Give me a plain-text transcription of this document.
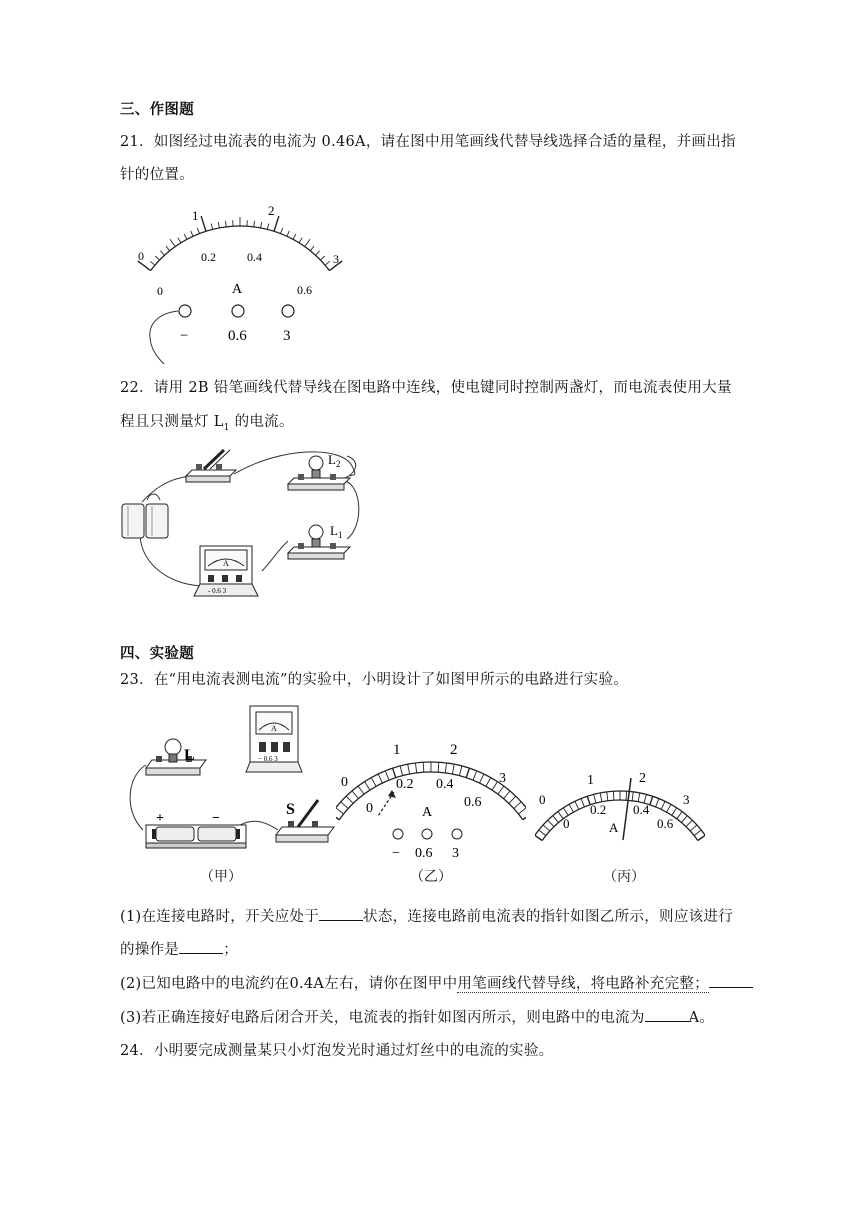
三、作图题
21．如图经过电流表的电流为 0.46A，请在图中用笔画线代替导线选择合适的量程，并画出指
针的位置。
0
1	2
3
0
0.2	0.4
0.6
A
−	0.6 3
22．请用 2B 铅笔画线代替导线在图电路中连线，使电键同时控制两盏灯，而电流表使用大量
程且只测量灯 $L_1$ 的电流。
$L_2$
$L_1$
A
- 0.6 3
四、实验题
23．在“用电流表测电流”的实验中，小明设计了如图甲所示的电路进行实验。
L
+	−
A
− 0.6 3
S
（甲）
0
1	2
3
0
0.2 0.4
0.6
A
− 0.6 3
（乙）
0
1	2
3
0
0.2 0.4
0.6
A
（丙）
(1)在连接电路时，开关应处于	状态，连接电路前电流表的指针如图乙所示，则应该进行
的操作是	；
(2)已知电路中的电流约在0.4A左右，请你在图甲中用笔画线代替导线，将电路补充完整；
(3)若正确连接好电路后闭合开关，电流表的指针如图丙所示，则电路中的电流为	A。
24．小明要完成测量某只小灯泡发光时通过灯丝中的电流的实验。
